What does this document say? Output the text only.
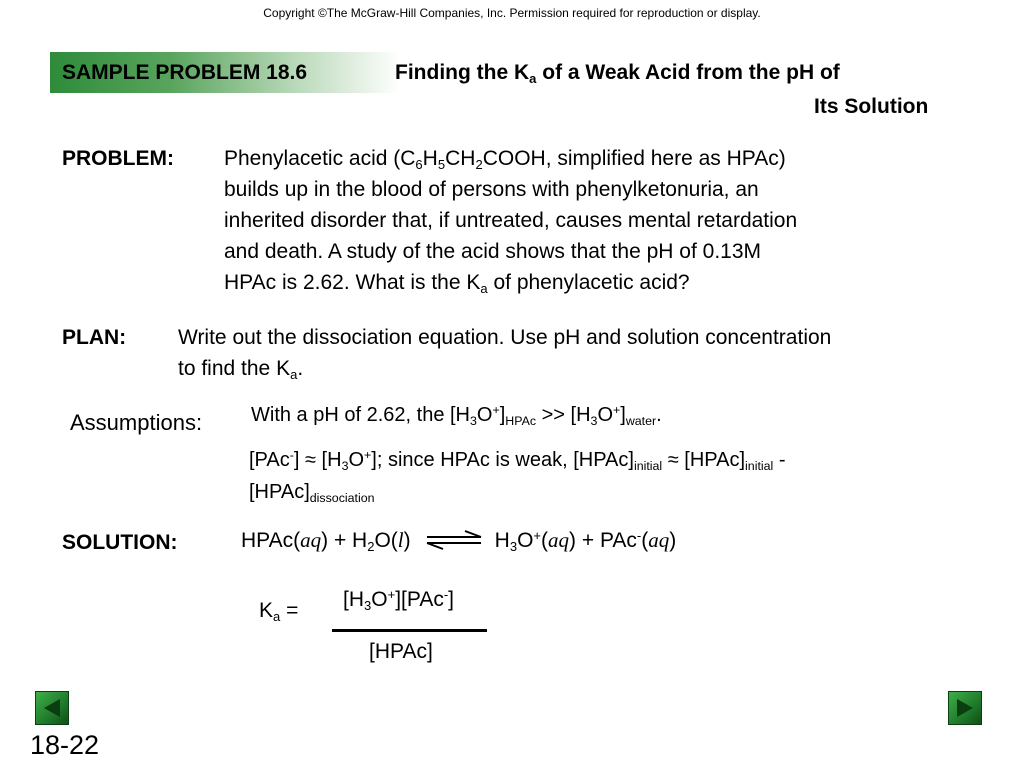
Copyright ©The McGraw-Hill Companies, Inc. Permission required for reproduction or display.
SAMPLE PROBLEM 18.6	Finding the $K_a$ of a Weak Acid from the pH of
Its Solution
PROBLEM: Phenylacetic acid ($C_6H_5CH_2COOH$, simplified here as HPAc)
builds up in the blood of persons with phenylketonuria, an
inherited disorder that, if untreated, causes mental retardation
and death. A study of the acid shows that the pH of 0.13M
HPAc is 2.62. What is the $K_a$ of phenylacetic acid?
PLAN: Write out the dissociation equation. Use pH and solution concentration
to find the $K_a$.
Assumptions: With a pH of 2.62, the $[H_3O^+]_{HPAc} >> [H_3O^+]_{water}$.
$[PAc^-] \approx [H_3O^+]$; since HPAc is weak, $[HPAc]_{initial}$ ≈ $[HPAc]_{initial}$ -
$[HPAc]_{dissociation}$
SOLUTION:	HPAc(aq) + $H_2O(l)$ ⇌ $H_3O^+(aq) + PAc^-(aq)$
$K_a = [H_3O^+][PAc^-]$
[HPAc]
18-22
